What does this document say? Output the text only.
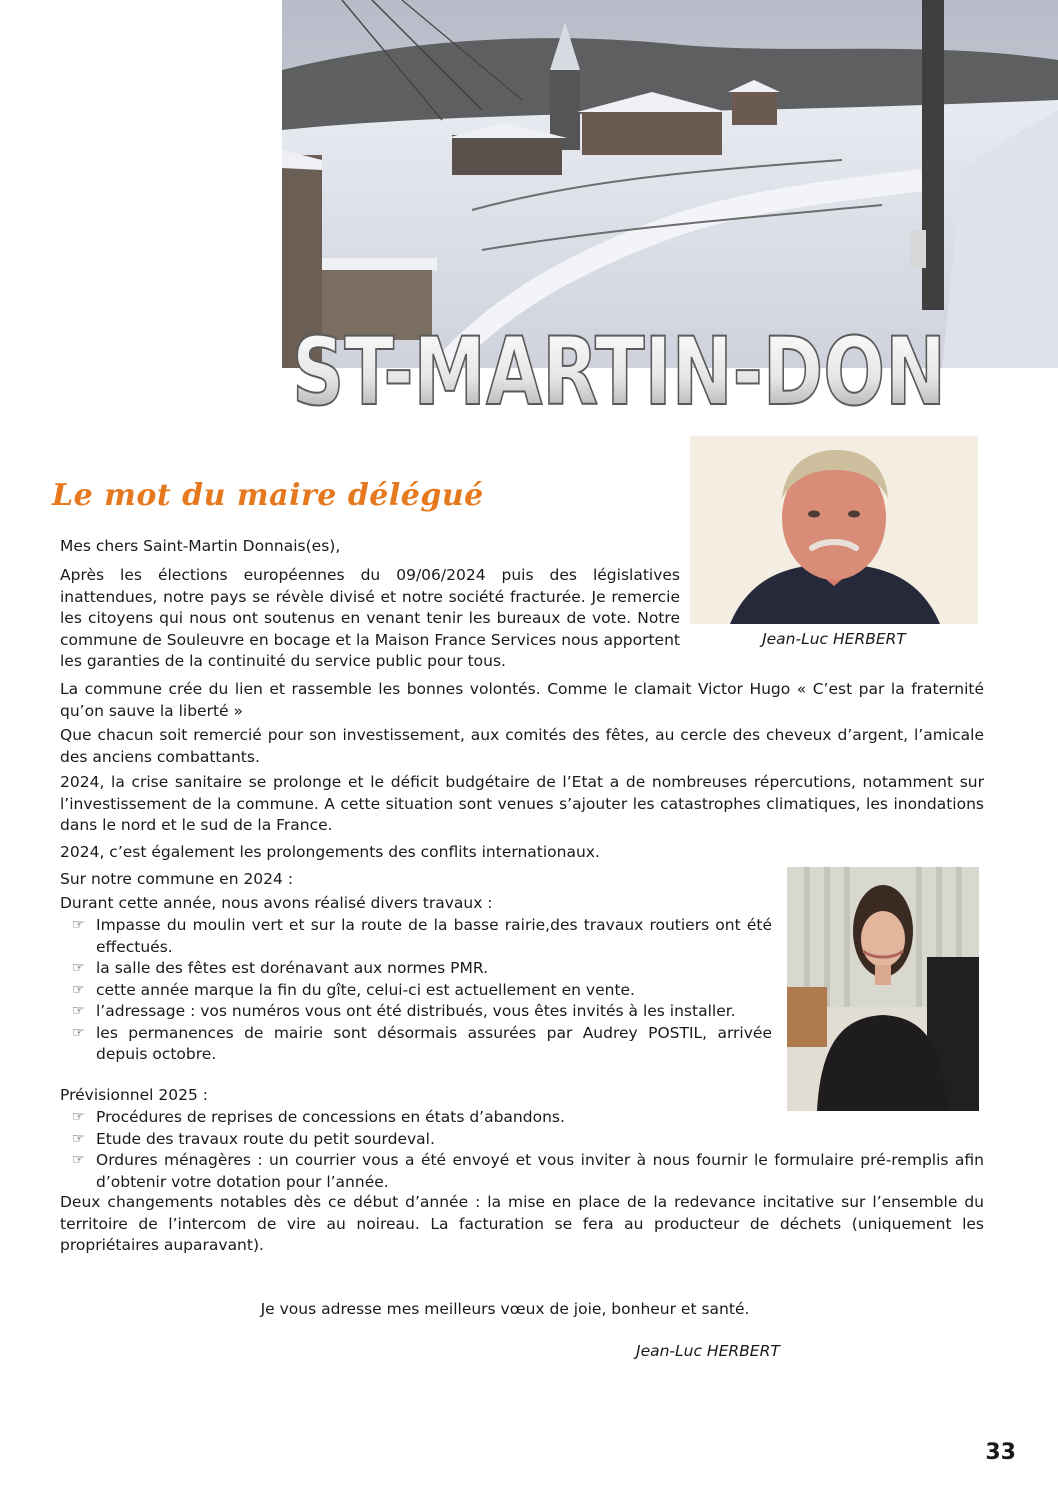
ST-MARTIN-DON
Le mot du maire délégué
Jean-Luc HERBERT
Mes chers Saint-Martin Donnais(es),
Après les élections européennes du 09/06/2024 puis des législatives inattendues, notre pays se révèle divisé et notre société fracturée. Je remercie les citoyens qui nous ont soutenus en venant tenir les bureaux de vote. Notre commune de Souleuvre en bocage et la Maison France Services nous apportent les garanties de la continuité du service public pour tous.
La commune crée du lien et rassemble les bonnes volontés. Comme le clamait Victor Hugo « C’est par la fraternité qu’on sauve la liberté »
Que chacun soit remercié pour son investissement, aux comités des fêtes, au cercle des cheveux d’argent, l’amicale des anciens combattants.
2024, la crise sanitaire se prolonge et le déficit budgétaire de l’Etat a de nombreuses répercutions, notamment sur l’investissement de la commune. A cette situation sont venues s’ajouter les catastrophes climatiques, les inondations dans le nord et le sud de la France.
2024, c’est également les prolongements des conflits internationaux.
Sur notre commune en 2024 :
Durant cette année, nous avons réalisé divers travaux :
☞ Impasse du moulin vert et sur la route de la basse rairie,des travaux routiers ont été effectués.
☞ la salle des fêtes est dorénavant aux normes PMR.
☞ cette année marque la fin du gîte, celui-ci est actuellement en vente.
☞ l’adressage : vos numéros vous ont été distribués, vous êtes invités à les installer.
☞ les permanences de mairie sont désormais assurées par Audrey POSTIL, arrivée depuis octobre.
Prévisionnel 2025 :
☞ Procédures de reprises de concessions en états d’abandons.
☞ Etude des travaux route du petit sourdeval.
☞ Ordures ménagères : un courrier vous a été envoyé et vous inviter à nous fournir le formulaire pré-remplis afin d’obtenir votre dotation pour l’année.
Deux changements notables dès ce début d’année : la mise en place de la redevance incitative sur l’ensemble du territoire de l’intercom de vire au noireau. La facturation se fera au producteur de déchets (uniquement les propriétaires auparavant).
Je vous adresse mes meilleurs vœux de joie, bonheur et santé.
Jean-Luc HERBERT
33
